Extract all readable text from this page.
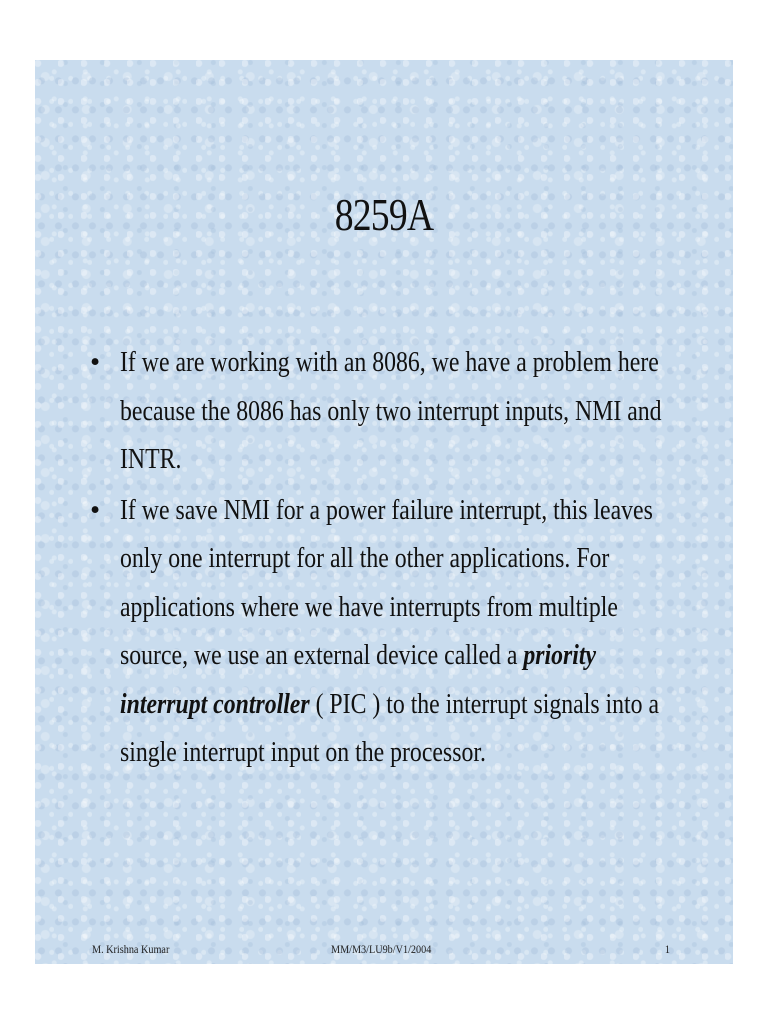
8259A
• If we are working with an 8086, we have a problem here
because the 8086 has only two interrupt inputs, NMI and
INTR.
• If we save NMI for a power failure interrupt, this leaves
only one interrupt for all the other applications. For
applications where we have interrupts from multiple
source, we use an external device called a priority
interrupt controller ( PIC ) to the interrupt signals into a
single interrupt input on the processor.
M. Krishna Kumar	MM/M3/LU9b/V1/2004	1
